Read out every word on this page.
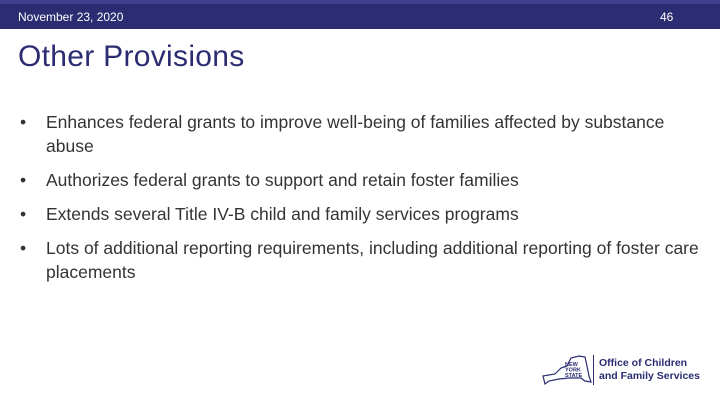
November 23, 2020	46
Other Provisions
• Enhances federal grants to improve well-being of families affected by substance abuse
• Authorizes federal grants to support and retain foster families
• Extends several Title IV-B child and family services programs
• Lots of additional reporting requirements, including additional reporting of foster care placements
NEW
YORK
STATE
Office of Children
and Family Services
